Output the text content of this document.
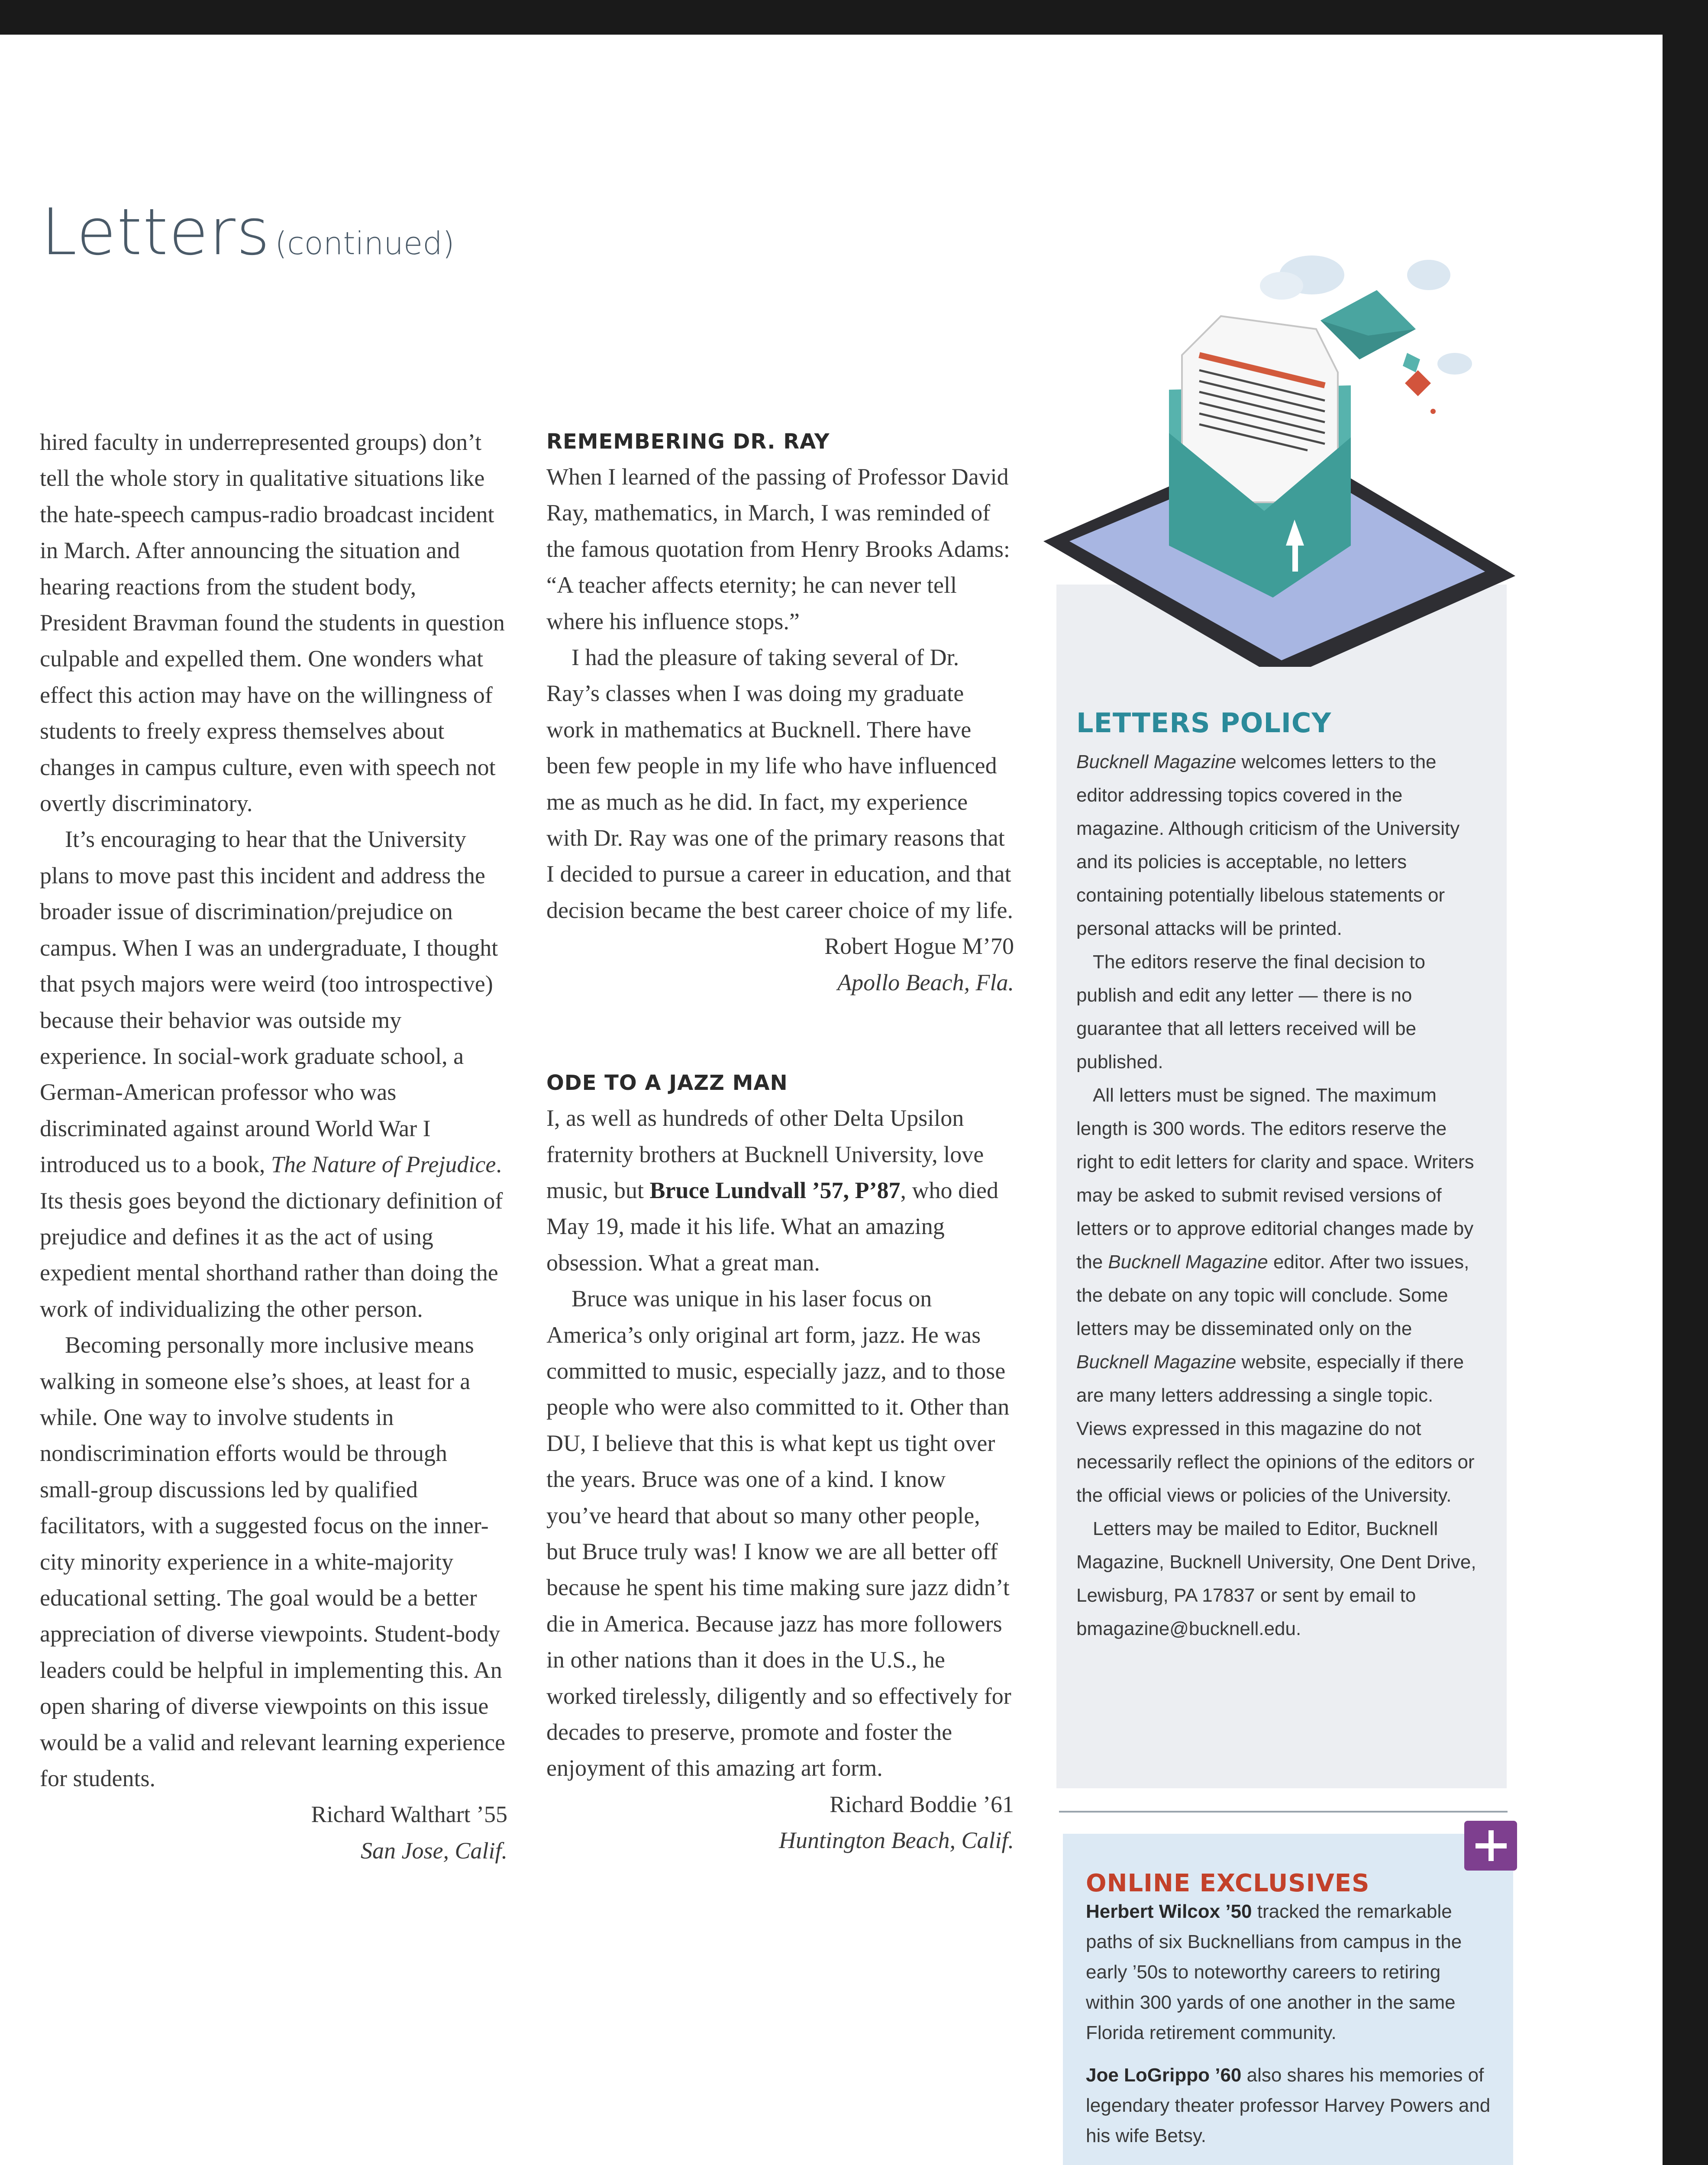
Letters (continued)

hired faculty in underrepresented groups) don’t tell the whole story in qualitative situations like the hate-speech campus-radio broadcast incident in March. After announcing the situation and hearing reactions from the student body, President Bravman found the students in question culpable and expelled them. One wonders what effect this action may have on the willingness of students to freely express themselves about changes in campus culture, even with speech not overtly discriminatory.

It’s encouraging to hear that the University plans to move past this incident and address the broader issue of discrimination/prejudice on campus. When I was an undergraduate, I thought that psych majors were weird (too introspective) because their behavior was outside my experience. In social-work graduate school, a German-American professor who was discriminated against around World War I introduced us to a book, The Nature of Prejudice. Its thesis goes beyond the dictionary definition of prejudice and defines it as the act of using expedient mental shorthand rather than doing the work of individualizing the other person.

Becoming personally more inclusive means walking in someone else’s shoes, at least for a while. One way to involve students in nondiscrimination efforts would be through small-group discussions led by qualified facilitators, with a suggested focus on the inner-city minority experience in a white-majority educational setting. The goal would be a better appreciation of diverse viewpoints. Student-body leaders could be helpful in implementing this. An open sharing of diverse viewpoints on this issue would be a valid and relevant learning experience for students.

Richard Walthart ’55

San Jose, Calif.

REMEMBERING DR. RAY

When I learned of the passing of Professor David Ray, mathematics, in March, I was reminded of the famous quotation from Henry Brooks Adams: “A teacher affects eternity; he can never tell where his influence stops.”

I had the pleasure of taking several of Dr. Ray’s classes when I was doing my graduate work in mathematics at Bucknell. There have been few people in my life who have influenced me as much as he did. In fact, my experience with Dr. Ray was one of the primary reasons that I decided to pursue a career in education, and that decision became the best career choice of my life.

Robert Hogue M’70

Apollo Beach, Fla.

ODE TO A JAZZ MAN

I, as well as hundreds of other Delta Upsilon fraternity brothers at Bucknell University, love music, but Bruce Lundvall ’57, P’87, who died May 19, made it his life. What an amazing obsession. What a great man.

Bruce was unique in his laser focus on America’s only original art form, jazz. He was committed to music, especially jazz, and to those people who were also committed to it. Other than DU, I believe that this is what kept us tight over the years. Bruce was one of a kind. I know you’ve heard that about so many other people, but Bruce truly was! I know we are all better off because he spent his time making sure jazz didn’t die in America. Because jazz has more followers in other nations than it does in the U.S., he worked tirelessly, diligently and so effectively for decades to preserve, promote and foster the enjoyment of this amazing art form.

Richard Boddie ’61

Huntington Beach, Calif.

LETTERS POLICY

Bucknell Magazine welcomes letters to the editor addressing topics covered in the magazine. Although criticism of the University and its policies is acceptable, no letters containing potentially libelous statements or personal attacks will be printed.

The editors reserve the final decision to publish and edit any letter — there is no guarantee that all letters received will be published.

All letters must be signed. The maximum length is 300 words. The editors reserve the right to edit letters for clarity and space. Writers may be asked to submit revised versions of letters or to approve editorial changes made by the Bucknell Magazine editor. After two issues, the debate on any topic will conclude. Some letters may be disseminated only on the Bucknell Magazine website, especially if there are many letters addressing a single topic. Views expressed in this magazine do not necessarily reflect the opinions of the editors or the official views or policies of the University.

Letters may be mailed to Editor, Bucknell Magazine, Bucknell University, One Dent Drive, Lewisburg, PA 17837 or sent by email to bmagazine@bucknell.edu.

ONLINE EXCLUSIVES

Herbert Wilcox ’50 tracked the remarkable paths of six Bucknellians from campus in the early ’50s to noteworthy careers to retiring within 300 yards of one another in the same Florida retirement community.

Joe LoGrippo ’60 also shares his memories of legendary theater professor Harvey Powers and his wife Betsy.
